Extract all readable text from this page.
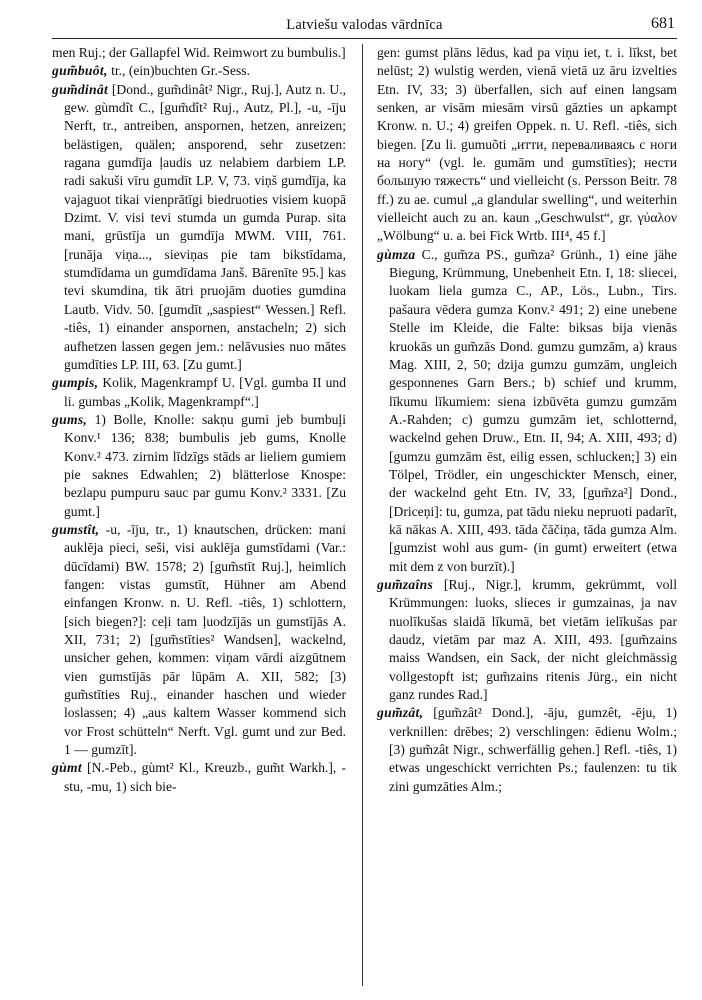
Latviešu valodas vārdnīca	681

men Ruj.; der Gallapfel Wid. Reimwort zu bumbulis.]

gum̃buôt, tr., (ein)buchten Gr.-Sess.

gum̃dinât [Dond., gum̃dinât² Nigr., Ruj.], Autz n. U., gew. gùmdît C., [gum̃dît² Ruj., Autz, Pl.], -u, -īju Nerft, tr., antreiben, anspornen, hetzen, anreizen; belästigen, quälen; ansporend, sehr zusetzen: ragana gumdīja ļaudis uz nelabiem darbiem LP. radi sakuši vīru gumdīt LP. V, 73. viņš gumdīja, ka vajaguot tikai vienprātīgi biedruoties visiem kuopā Dzimt. V. visi tevi stumda un gumda Purap. sita mani, grūstīja un gumdīja MWM. VIII, 761. [runāja viņa..., sieviņas pie tam bikstīdama, stumdīdama un gumdīdama Janš. Bārenīte 95.] kas tevi skumdina, tik ātri pruojām duoties gumdina Lautb. Vidv. 50. [gumdīt „saspiest“ Wessen.] Refl. -tiês, 1) einander anspornen, anstacheln; 2) sich aufhetzen lassen gegen jem.: nelāvusies nuo mātes gumdīties LP. III, 63. [Zu gumt.]

gumpis, Kolik, Magenkrampf U. [Vgl. gumba II und li. gumbas „Kolik, Magenkrampf“.]

gums, 1) Bolle, Knolle: sakņu gumi jeb bumbuļi Konv.¹ 136; 838; bumbulis jeb gums, Knolle Konv.² 473. zirnim līdzīgs stāds ar lieliem gumiem pie saknes Edwahlen; 2) blätterlose Knospe: bezlapu pumpuru sauc par gumu Konv.² 3331. [Zu gumt.]

gumstît, -u, -īju, tr., 1) knautschen, drücken: mani auklēja pieci, seši, visi auklēja gumstīdami (Var.: dūcīdami) BW. 1578; 2) [gum̃stīt Ruj.], heimlich fangen: vistas gumstīt, Hühner am Abend einfangen Kronw. n. U. Refl. -tiês, 1) schlottern, [sich biegen?]: ceļi tam ļuodzījās un gumstījās A. XII, 731; 2) [gum̃stīties² Wandsen], wackelnd, unsicher gehen, kommen: viņam vārdi aizgūtnem vien gumstījās pār lūpām A. XII, 582; [3) gum̃stīties Ruj., einander haschen und wieder loslassen; 4) „aus kaltem Wasser kommend sich vor Frost schütteln“ Nerft. Vgl. gumt und zur Bed. 1 — gumzīt].

gùmt [N.-Peb., gùmt² Kl., Kreuzb., gum̃t Warkh.], -stu, -mu, 1) sich bie-

gen: gumst plāns lēdus, kad pa viņu iet, t. i. līkst, bet nelūst; 2) wulstig werden, vienā vietā uz āru izvelties Etn. IV, 33; 3) überfallen, sich auf einen langsam senken, ar visām miesām virsū gāzties un apkampt Kronw. n. U.; 4) greifen Oppek. n. U. Refl. -tiês, sich biegen. [Zu li. gumuõti „итти, переваливаясь с ноги на ногу“ (vgl. le. gumām und gumstīties); нести большую тяжесть“ und vielleicht (s. Persson Beitr. 78 ff.) zu ae. cumul „a glandular swelling“, und weiterhin vielleicht auch zu an. kaun „Geschwulst“, gr. γύαλον „Wölbung“ u. a. bei Fick Wrtb. III⁴, 45 f.]

gùmza C., gum̃za PS., gum̃za² Grünh., 1) eine jähe Biegung, Krümmung, Unebenheit Etn. I, 18: sliecei, luokam liela gumza C., AP., Lös., Lubn., Tirs. pašaura vēdera gumza Konv.² 491; 2) eine unebene Stelle im Kleide, die Falte: biksas bija vienās kruokās un gum̃zās Dond. gumzu gumzām, a) kraus Mag. XIII, 2, 50; dzija gumzu gumzām, ungleich gesponnenes Garn Bers.; b) schief und krumm, līkumu līkumiem: siena izbūvēta gumzu gumzām A.-Rahden; c) gumzu gumzām iet, schlotternd, wackelnd gehen Druw., Etn. II, 94; A. XIII, 493; d) [gumzu gumzām ēst, eilig essen, schlucken;] 3) ein Tölpel, Trödler, ein ungeschickter Mensch, einer, der wackelnd geht Etn. IV, 33, [gum̃za²] Dond., [Driceņi]: tu, gumza, pat tādu nieku nepruoti padarīt, kā nākas A. XIII, 493. tāda čāčiņa, tāda gumza Alm. [gumzist wohl aus gum- (in gumt) erweitert (etwa mit dem z von burzīt).]

gum̃zaîns [Ruj., Nigr.], krumm, gekrümmt, voll Krümmungen: luoks, slieces ir gumzainas, ja nav nuolīkušas slaidā līkumā, bet vietām ielīkušas par daudz, vietām par maz A. XIII, 493. [gum̃zains maiss Wandsen, ein Sack, der nicht gleichmässig vollgestopft ist; gum̃zains ritenis Jürg., ein nicht ganz rundes Rad.]

gum̃zât, [gum̃zât² Dond.], -āju, gumzêt, -ēju, 1) verknillen: drēbes; 2) verschlingen: ēdienu Wolm.; [3) gum̃zât Nigr., schwerfällig gehen.] Refl. -tiês, 1) etwas ungeschickt verrichten Ps.; faulenzen: tu tik zini gumzāties Alm.;
